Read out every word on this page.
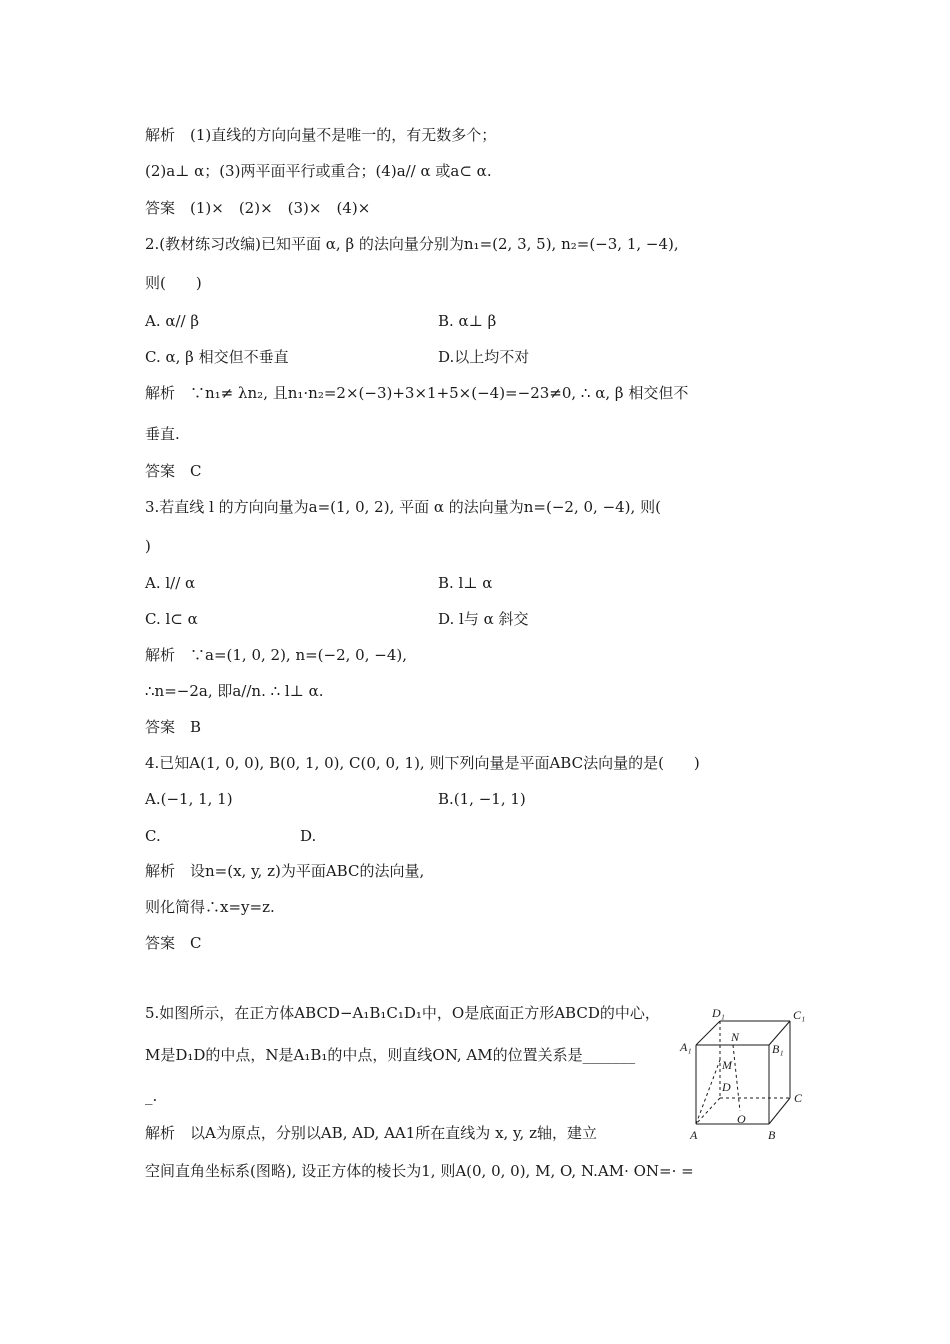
解析　(1)直线的方向向量不是唯一的，有无数多个；
(2)a⊥ α；(3)两平面平行或重合；(4)a// α 或a⊂ α.
答案　(1)×　(2)×　(3)×　(4)×
2.(教材练习改编)已知平面 α, β 的法向量分别为n₁=(2, 3, 5), n₂=(−3, 1, −4),
则(　　)
A. α// β	B. α⊥ β
C. α, β 相交但不垂直	D.以上均不对
解析　∵n₁≠ λn₂, 且n₁·n₂=2×(−3)+3×1+5×(−4)=−23≠0, ∴ α, β 相交但不
垂直.
答案　C
3.若直线 l 的方向向量为a=(1, 0, 2), 平面 α 的法向量为n=(−2, 0, −4), 则(
)
A. l// α	B. l⊥ α
C. l⊂ α	D. l与 α 斜交
解析　∵a=(1, 0, 2), n=(−2, 0, −4),
∴n=−2a, 即a//n. ∴ l⊥ α.
答案　B
4.已知A(1, 0, 0), B(0, 1, 0), C(0, 0, 1), 则下列向量是平面ABC法向量的是(　　)
A.(−1, 1, 1)	B.(1, −1, 1)
C.	D.
解析　设n=(x, y, z)为平面ABC的法向量,
则化简得∴x=y=z.
答案　C
5.如图所示，在正方体ABCD−A₁B₁C₁D₁中，O是底面正方形ABCD的中心，
M是D₁D的中点，N是A₁B₁的中点，则直线ON, AM的位置关系是_______
_.
解析　以A为原点，分别以AB, AD, AA1所在直线为 x, y, z轴，建立
空间直角坐标系(图略), 设正方体的棱长为1, 则A(0, 0, 0), M, O, N.AM· ON=· =
D₁	C₁
A₁
N
B₁
M
D
C
O
A	B
